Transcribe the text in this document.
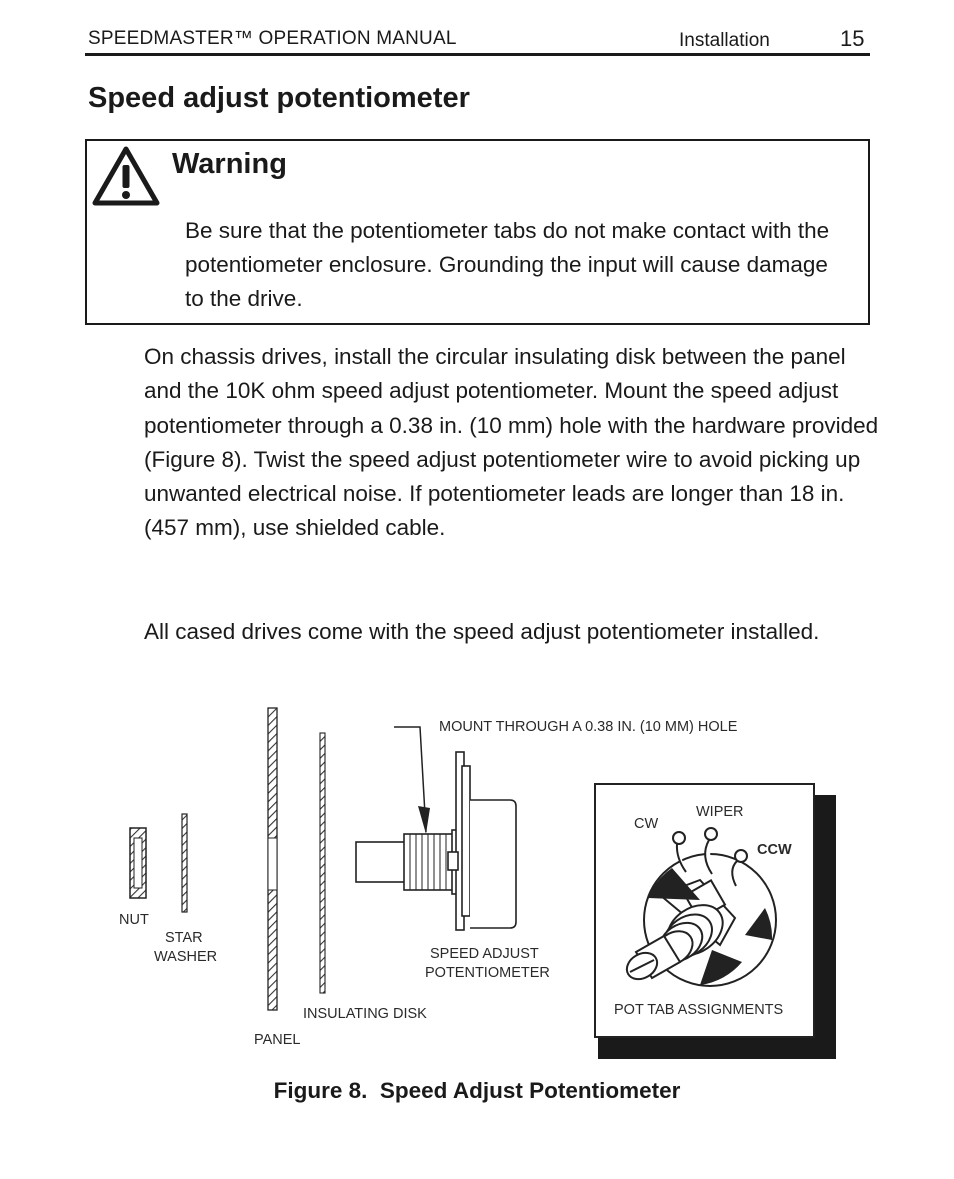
SPEEDMASTER™ OPERATION MANUAL	Installation	15
Speed adjust potentiometer
Warning
Be sure that the potentiometer tabs do not make contact with the potentiometer enclosure. Grounding the input will cause damage to the drive.
On chassis drives, install the circular insulating disk between the panel and the 10K ohm speed adjust potentiometer. Mount the speed adjust potentiometer through a 0.38 in. (10 mm) hole with the hardware provided (Figure 8). Twist the speed adjust potentiometer wire to avoid picking up unwanted electrical noise. If potentiometer leads are longer than 18 in. (457 mm), use shielded cable.
All cased drives come with the speed adjust potentiometer installed.
NUT
STAR
WASHER
PANEL
INSULATING DISK
MOUNT THROUGH A 0.38 IN. (10 MM) HOLE
SPEED ADJUST
POTENTIOMETER
CW
WIPER
CCW
POT TAB ASSIGNMENTS
Figure 8.  Speed Adjust Potentiometer
